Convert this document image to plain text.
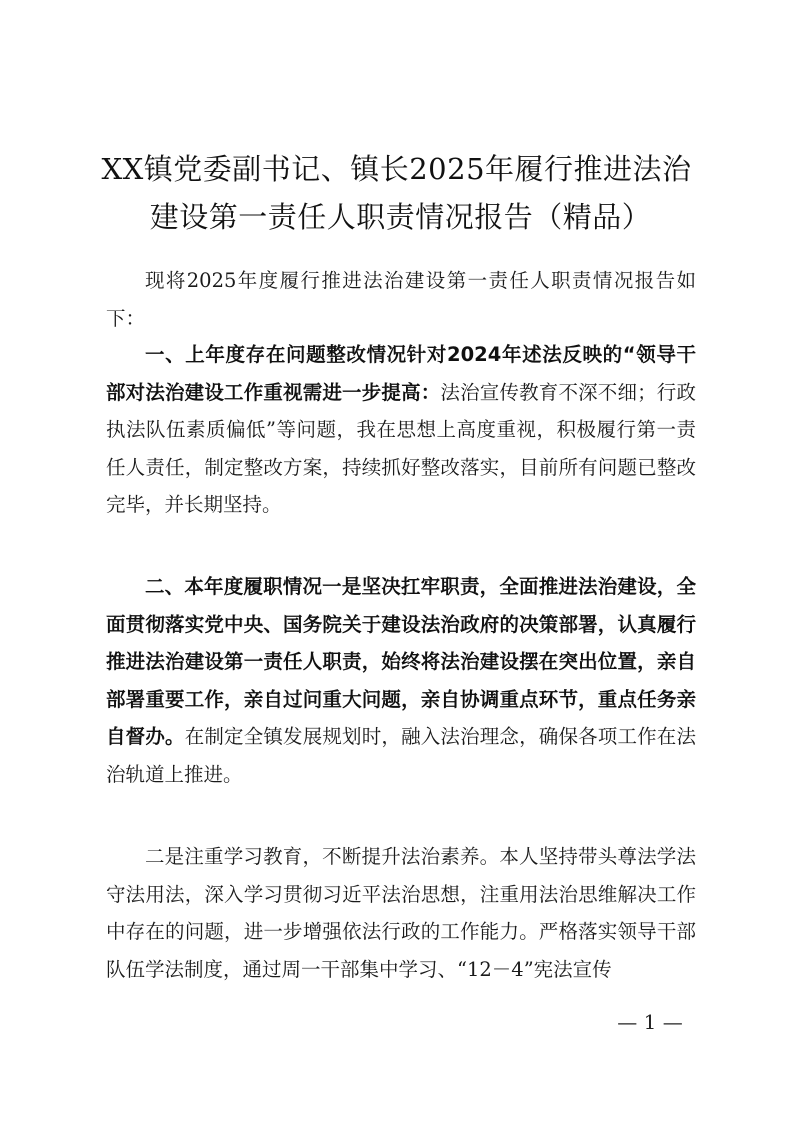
XX镇党委副书记、镇长2025年履行推进法治
建设第一责任人职责情况报告（精品）

现将2025年度履行推进法治建设第一责任人职责情况报告如下：

一、上年度存在问题整改情况针对2024年述法反映的“领导干部对法治建设工作重视需进一步提高：法治宣传教育不深不细；行政执法队伍素质偏低”等问题，我在思想上高度重视，积极履行第一责任人责任，制定整改方案，持续抓好整改落实，目前所有问题已整改完毕，并长期坚持。

二、本年度履职情况一是坚决扛牢职责，全面推进法治建设，全面贯彻落实党中央、国务院关于建设法治政府的决策部署，认真履行推进法治建设第一责任人职责，始终将法治建设摆在突出位置，亲自部署重要工作，亲自过问重大问题，亲自协调重点环节，重点任务亲自督办。在制定全镇发展规划时，融入法治理念，确保各项工作在法治轨道上推进。

二是注重学习教育，不断提升法治素养。本人坚持带头尊法学法守法用法，深入学习贯彻习近平法治思想，注重用法治思维解决工作中存在的问题，进一步增强依法行政的工作能力。严格落实领导干部队伍学法制度，通过周一干部集中学习、“12－4”宪法宣传

— 1 —
